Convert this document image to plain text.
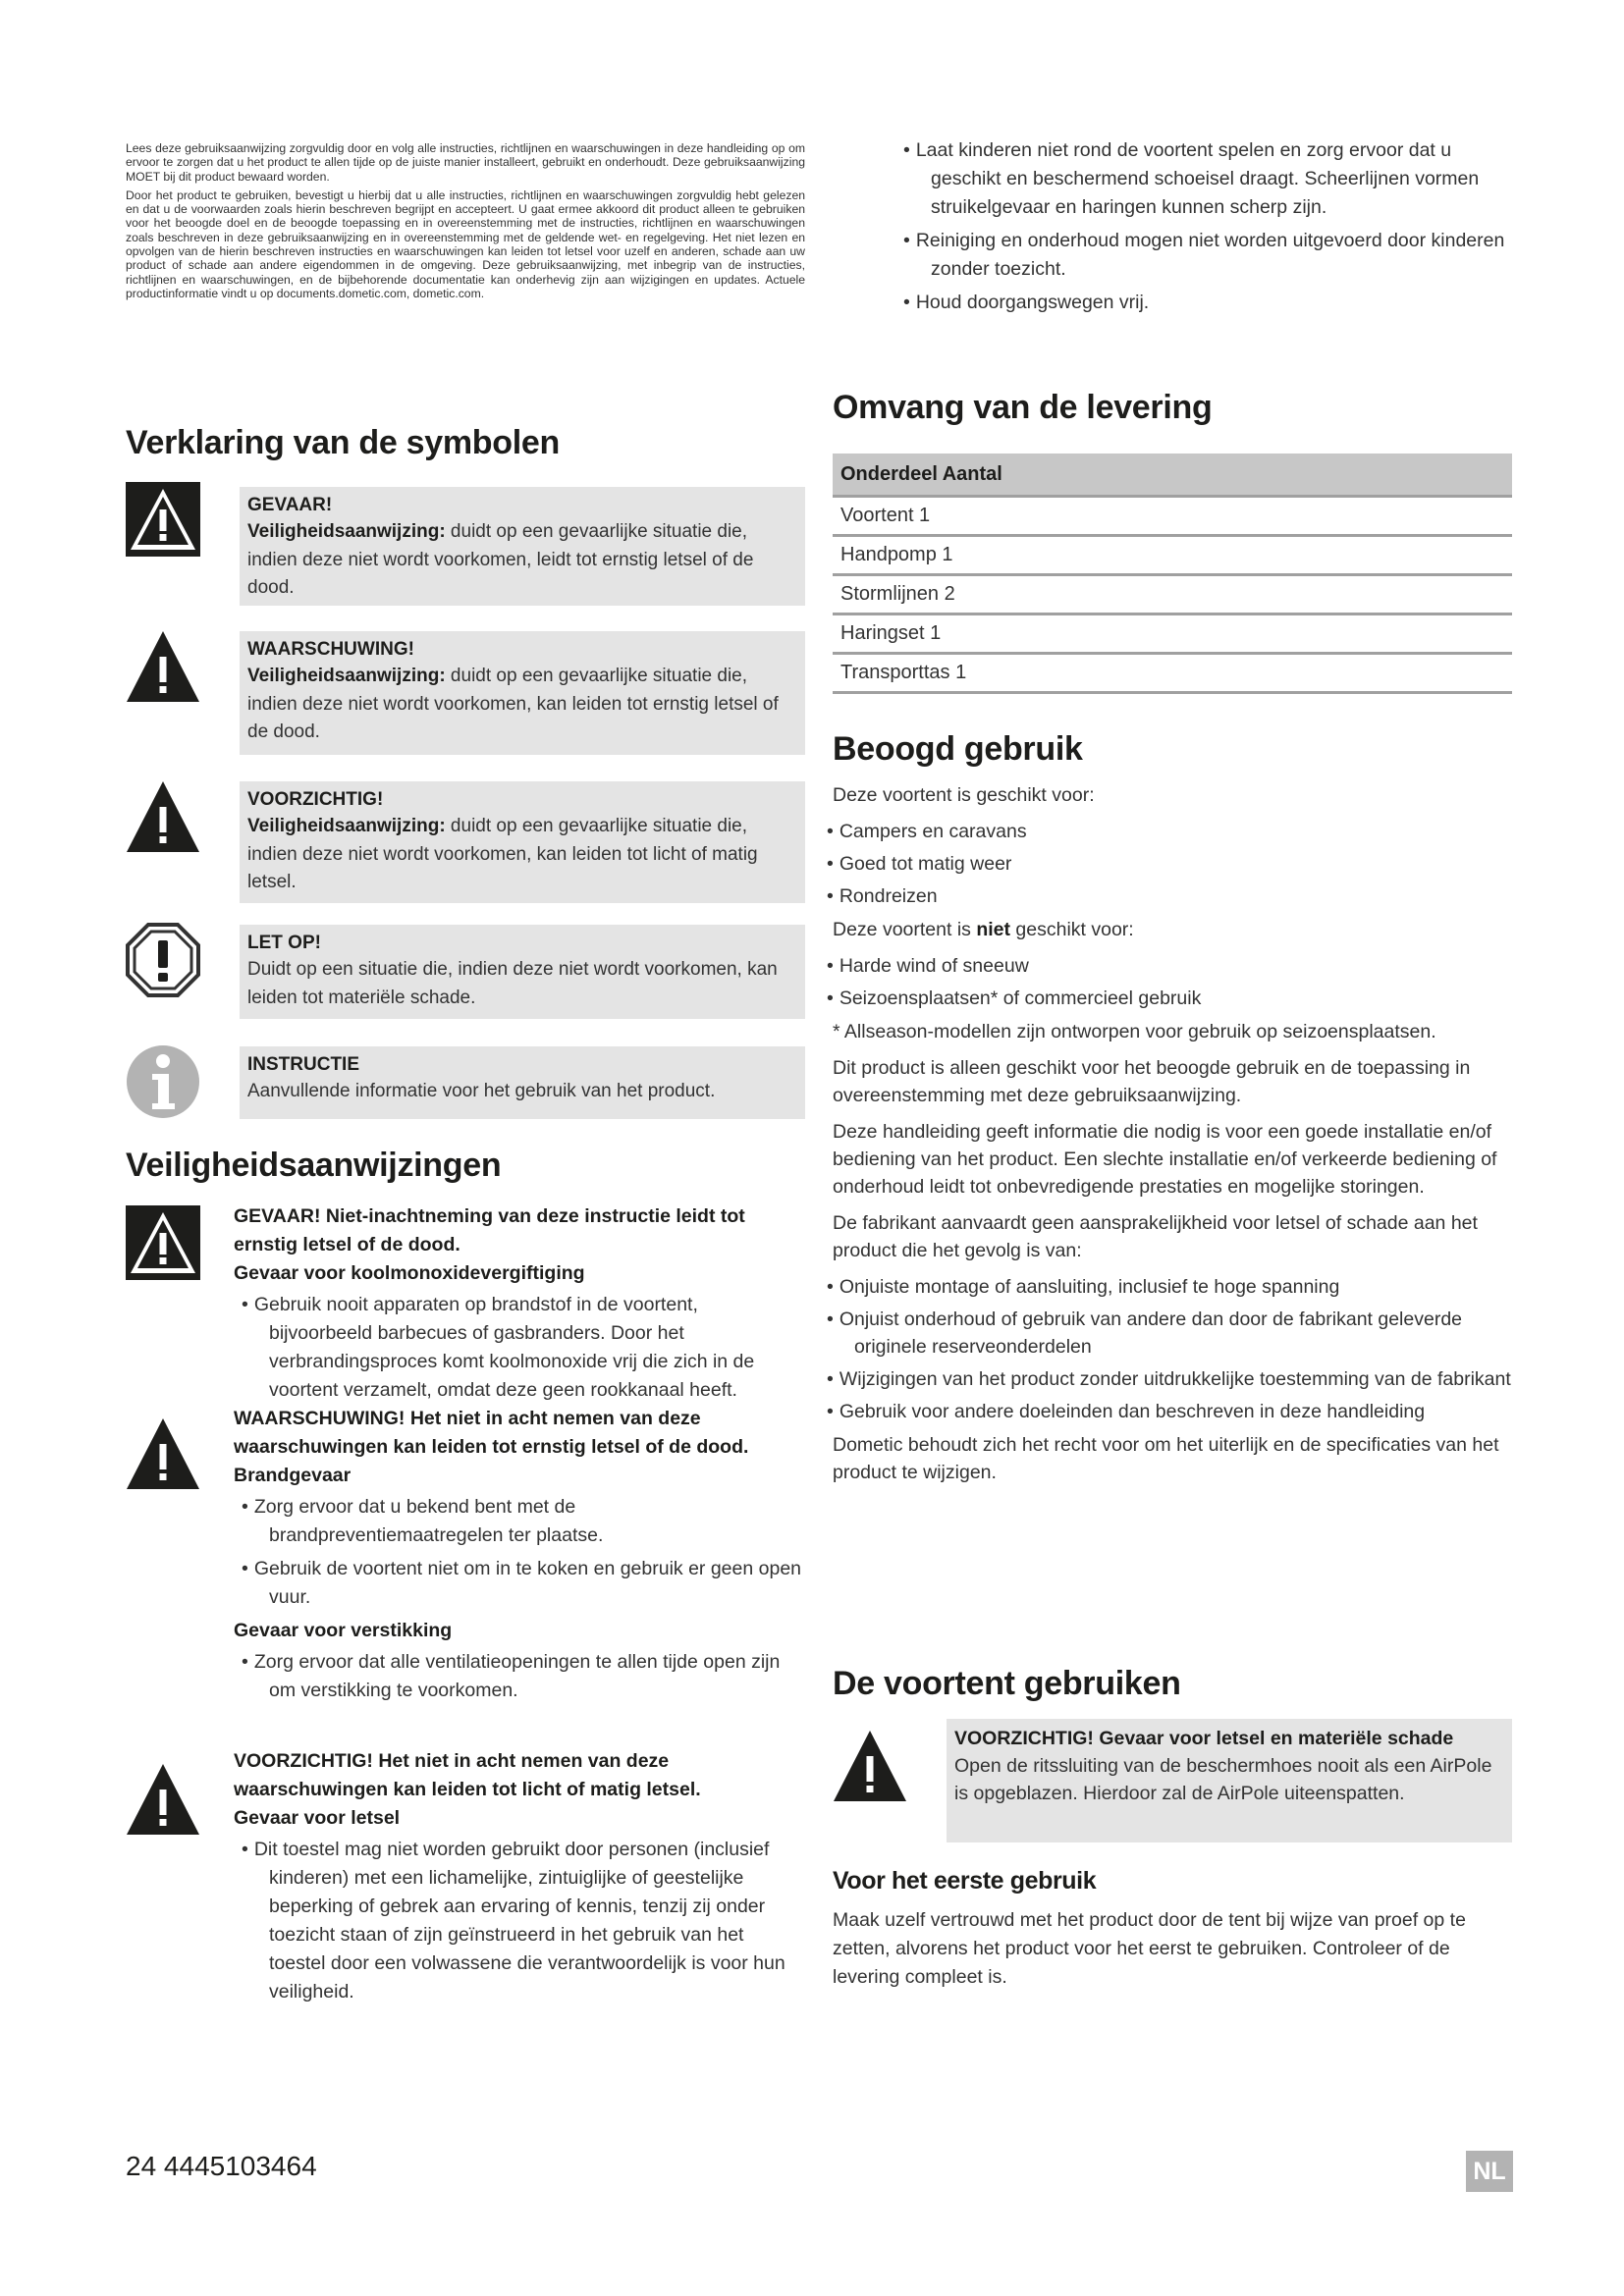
Lees deze gebruiksaanwijzing zorgvuldig door en volg alle instructies, richtlijnen en waarschuwingen in deze handleiding op om ervoor te zorgen dat u het product te allen tijde op de juiste manier installeert, gebruikt en onderhoudt. Deze gebruiksaanwijzing MOET bij dit product bewaard worden.

Door het product te gebruiken, bevestigt u hierbij dat u alle instructies, richtlijnen en waarschuwingen zorgvuldig hebt gelezen en dat u de voorwaarden zoals hierin beschreven begrijpt en accepteert. U gaat ermee akkoord dit product alleen te gebruiken voor het beoogde doel en de beoogde toepassing en in overeenstemming met de instructies, richtlijnen en waarschuwingen zoals beschreven in deze gebruiksaanwijzing en in overeenstemming met de geldende wet- en regelgeving. Het niet lezen en opvolgen van de hierin beschreven instructies en waarschuwingen kan leiden tot letsel voor uzelf en anderen, schade aan uw product of schade aan andere eigendommen in de omgeving. Deze gebruiksaanwijzing, met inbegrip van de instructies, richtlijnen en waarschuwingen, en de bijbehorende documentatie kan onderhevig zijn aan wijzigingen en updates. Actuele productinformatie vindt u op documents.dometic.com, dometic.com.

Verklaring van de symbolen
GEVAAR!
Veiligheidsaanwijzing: duidt op een gevaarlijke situatie die, indien deze niet wordt voorkomen, leidt tot ernstig letsel of de dood.
WAARSCHUWING!
Veiligheidsaanwijzing: duidt op een gevaarlijke situatie die, indien deze niet wordt voorkomen, kan leiden tot ernstig letsel of de dood.
VOORZICHTIG!
Veiligheidsaanwijzing: duidt op een gevaarlijke situatie die, indien deze niet wordt voorkomen, kan leiden tot licht of matig letsel.
LET OP!
Duidt op een situatie die, indien deze niet wordt voorkomen, kan leiden tot materiële schade.
INSTRUCTIE
Aanvullende informatie voor het gebruik van het product.
Veiligheidsaanwijzingen
GEVAAR! Niet-inachtneming van deze instructie leidt tot ernstig letsel of de dood.
Gevaar voor koolmonoxidevergiftiging
• Gebruik nooit apparaten op brandstof in de voortent, bijvoorbeeld barbecues of gasbranders. Door het verbrandingsproces komt koolmonoxide vrij die zich in de voortent verzamelt, omdat deze geen rookkanaal heeft.
WAARSCHUWING! Het niet in acht nemen van deze waarschuwingen kan leiden tot ernstig letsel of de dood.
Brandgevaar
• Zorg ervoor dat u bekend bent met de brandpreventiemaatregelen ter plaatse.
• Gebruik de voortent niet om in te koken en gebruik er geen open vuur.
Gevaar voor verstikking
• Zorg ervoor dat alle ventilatieopeningen te allen tijde open zijn om verstikking te voorkomen.
VOORZICHTIG! Het niet in acht nemen van deze waarschuwingen kan leiden tot licht of matig letsel.
Gevaar voor letsel
• Dit toestel mag niet worden gebruikt door personen (inclusief kinderen) met een lichamelijke, zintuiglijke of geestelijke beperking of gebrek aan ervaring of kennis, tenzij zij onder toezicht staan of zijn geïnstrueerd in het gebruik van het toestel door een volwassene die verantwoordelijk is voor hun veiligheid.
• Laat kinderen niet rond de voortent spelen en zorg ervoor dat u geschikt en beschermend schoeisel draagt. Scheerlijnen vormen struikelgevaar en haringen kunnen scherp zijn.
• Reiniging en onderhoud mogen niet worden uitgevoerd door kinderen zonder toezicht.
• Houd doorgangswegen vrij.
Omvang van de levering
Onderdeel Aantal
Voortent 1
Handpomp 1
Stormlijnen 2
Haringset 1
Transporttas 1
Beoogd gebruik

Deze voortent is geschikt voor:

• Campers en caravans
• Goed tot matig weer
• Rondreizen

Deze voortent is niet geschikt voor:

• Harde wind of sneeuw
• Seizoensplaatsen* of commercieel gebruik

* Allseason-modellen zijn ontworpen voor gebruik op seizoensplaatsen.

Dit product is alleen geschikt voor het beoogde gebruik en de toepassing in overeenstemming met deze gebruiksaanwijzing.

Deze handleiding geeft informatie die nodig is voor een goede installatie en/of bediening van het product. Een slechte installatie en/of verkeerde bediening of onderhoud leidt tot onbevredigende prestaties en mogelijke storingen.

De fabrikant aanvaardt geen aansprakelijkheid voor letsel of schade aan het product die het gevolg is van:

• Onjuiste montage of aansluiting, inclusief te hoge spanning
• Onjuist onderhoud of gebruik van andere dan door de fabrikant geleverde originele reserveonderdelen
• Wijzigingen van het product zonder uitdrukkelijke toestemming van de fabrikant
• Gebruik voor andere doeleinden dan beschreven in deze handleiding

Dometic behoudt zich het recht voor om het uiterlijk en de specificaties van het product te wijzigen.

De voortent gebruiken
VOORZICHTIG! Gevaar voor letsel en materiële schade
Open de ritssluiting van de beschermhoes nooit als een AirPole is opgeblazen. Hierdoor zal de AirPole uiteenspatten.
Voor het eerste gebruik
Maak uzelf vertrouwd met het product door de tent bij wijze van proef op te zetten, alvorens het product voor het eerst te gebruiken. Controleer of de levering compleet is.
24 4445103464	NL
